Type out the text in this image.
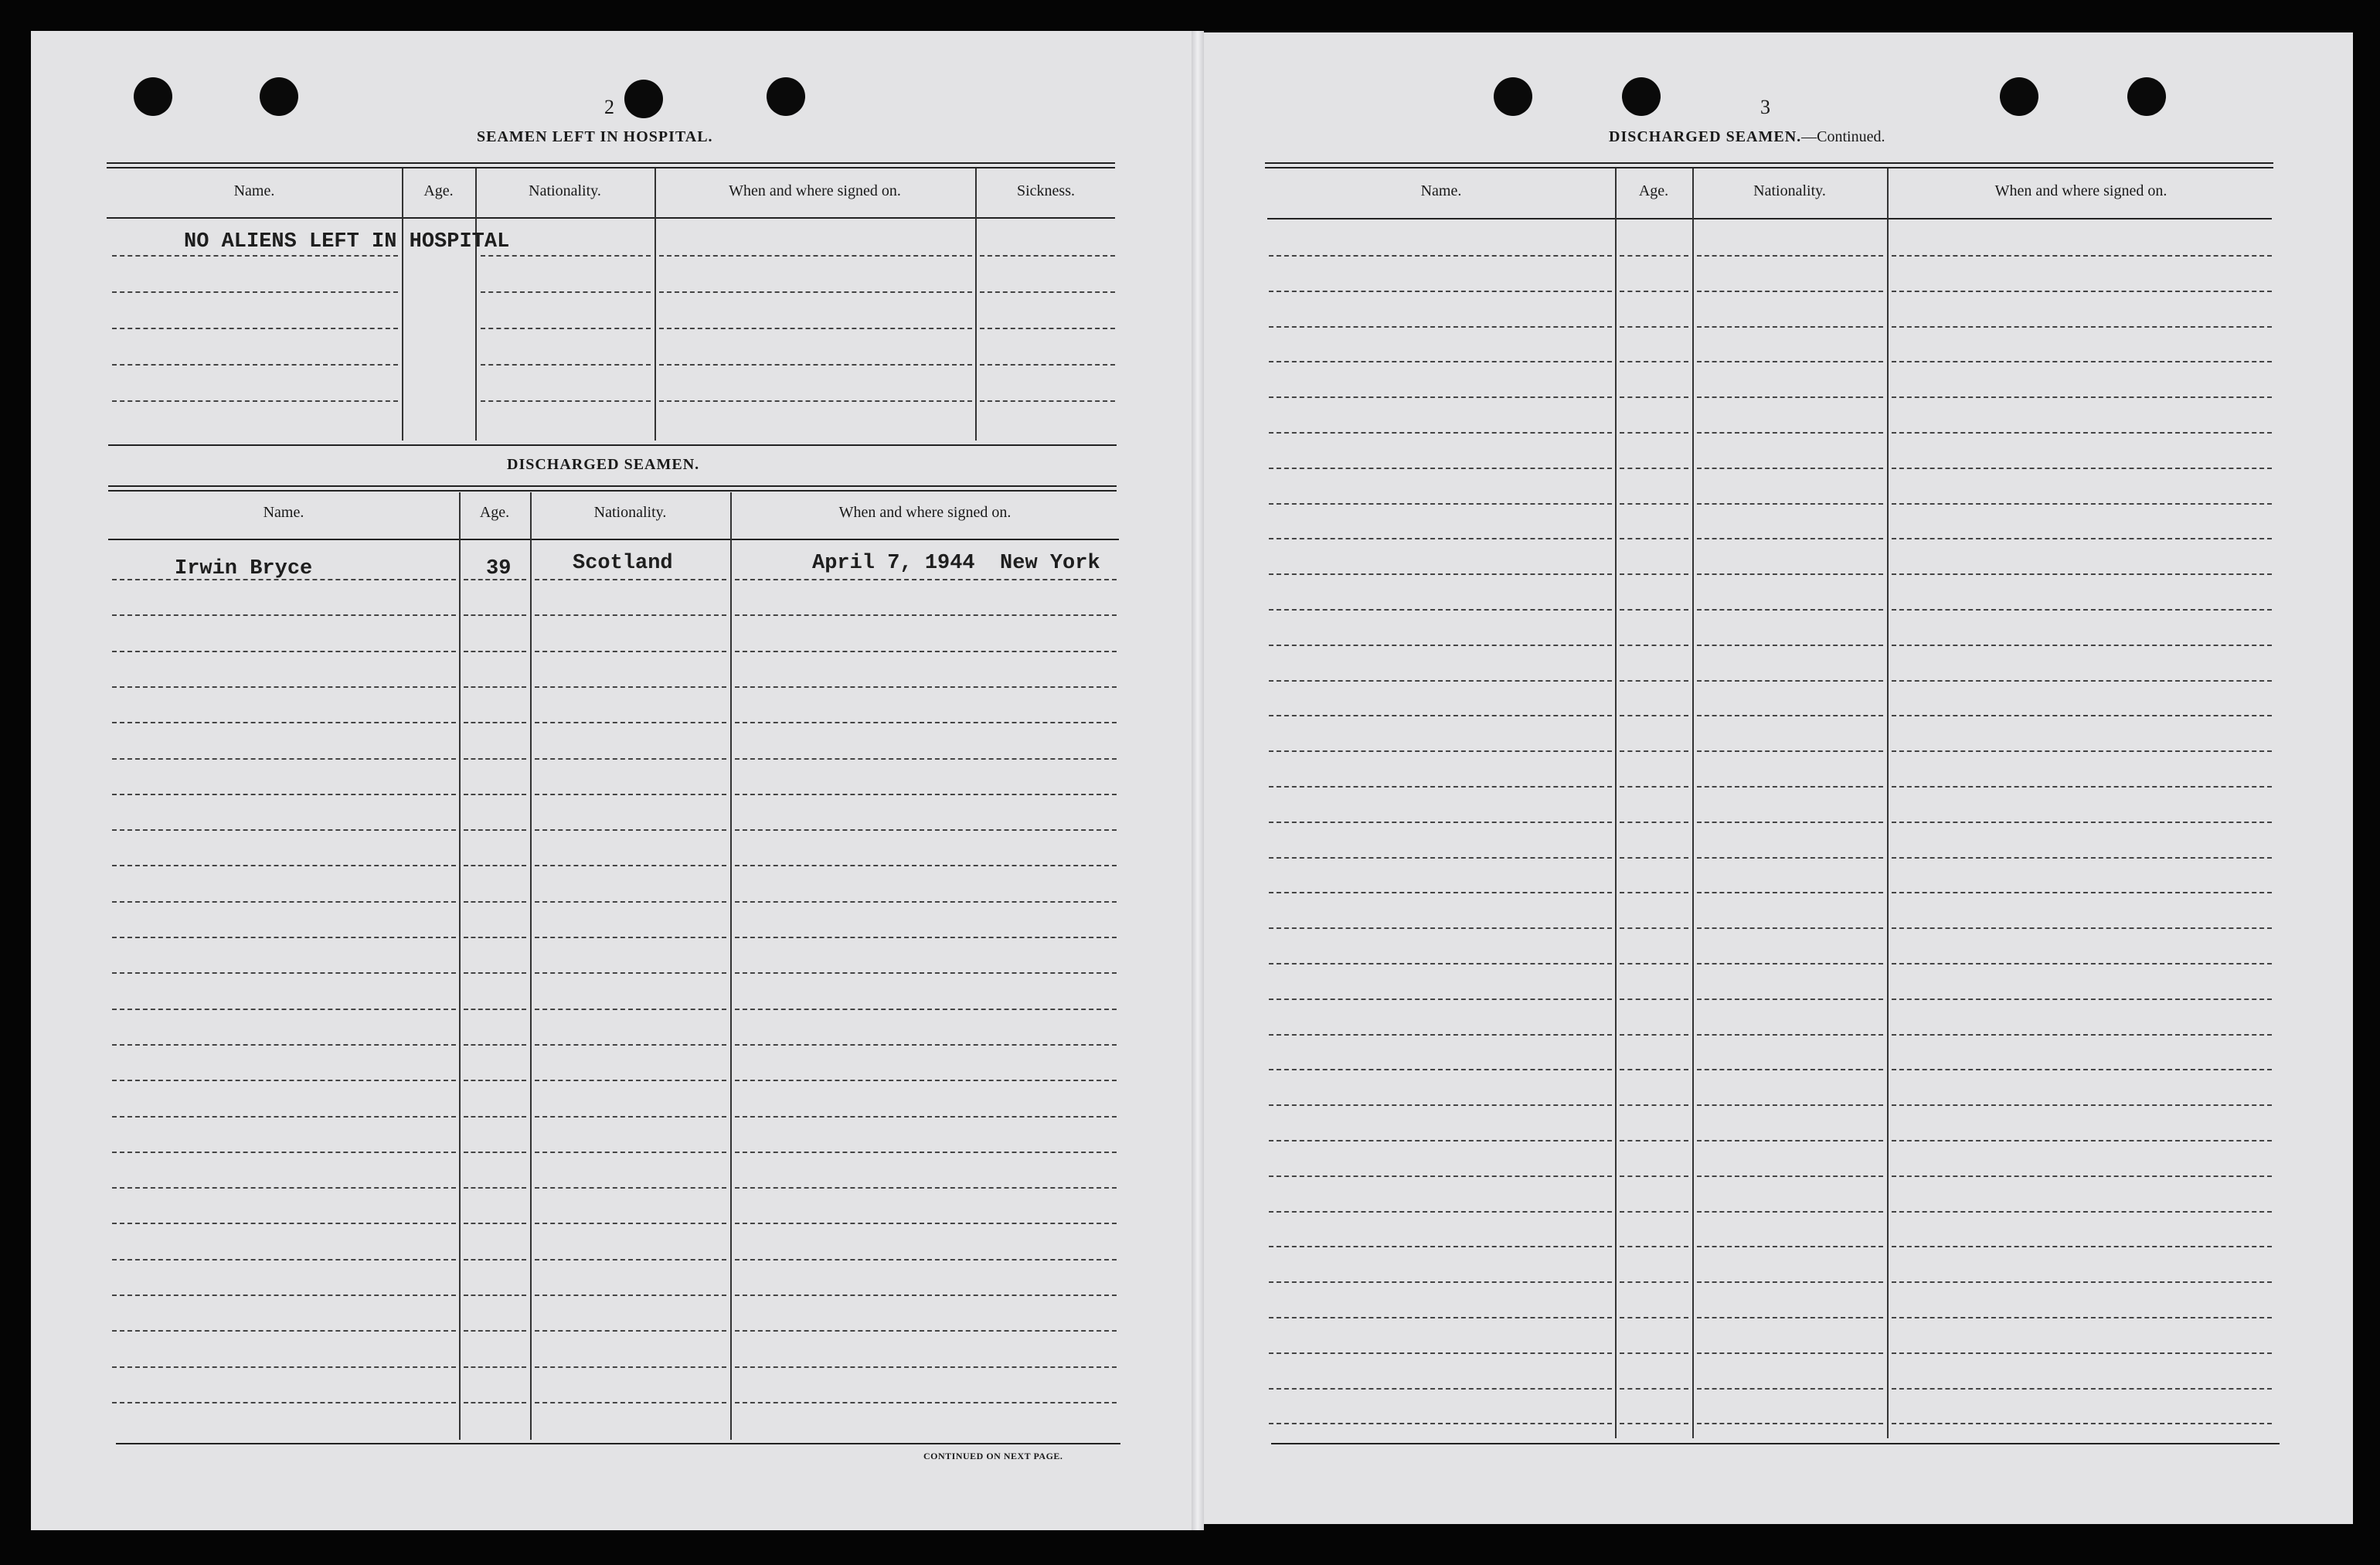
2
SEAMEN LEFT IN HOSPITAL.
Name.	Age.	Nationality.	When and where signed on.	Sickness.
NO ALIENS LEFT IN HOSPITAL
DISCHARGED SEAMEN.
Name.	Age.	Nationality.	When and where signed on.
Irwin Bryce	39	Scotland	April 7, 1944  New York
CONTINUED ON NEXT PAGE.
3
DISCHARGED SEAMEN.—Continued.
Name.	Age.	Nationality.	When and where signed on.
